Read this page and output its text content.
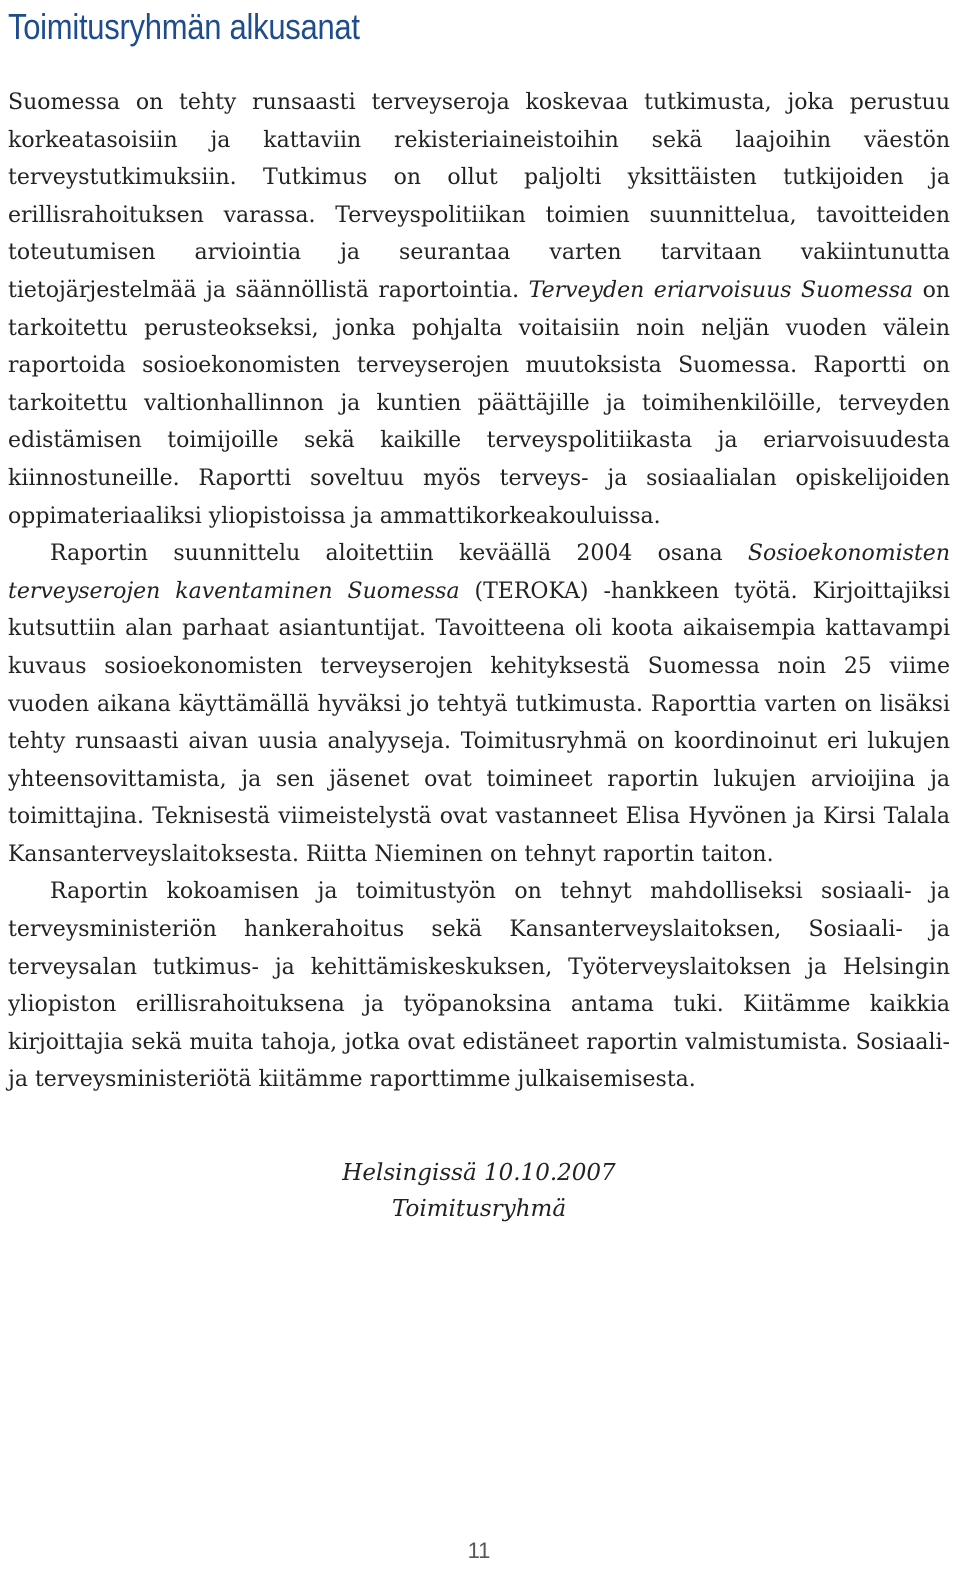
Toimitusryhmän alkusanat

Suomessa on tehty runsaasti terveyseroja koskevaa tutkimusta, joka perustuu korkeatasoisiin ja kattaviin rekisteriaineistoihin sekä laajoihin väestön terveystutkimuksiin. Tutkimus on ollut paljolti yksittäisten tutkijoiden ja erillisrahoituksen varassa. Terveyspolitiikan toimien suunnittelua, tavoitteiden toteutumisen arviointia ja seurantaa varten tarvitaan vakiintunutta tietojärjestelmää ja säännöllistä raportointia. Terveyden eriarvoisuus Suomessa on tarkoitettu perusteokseksi, jonka pohjalta voitaisiin noin neljän vuoden välein raportoida sosioekonomisten terveyserojen muutoksista Suomessa. Raportti on tarkoitettu valtionhallinnon ja kuntien päättäjille ja toimihenkilöille, terveyden edistämisen toimijoille sekä kaikille terveyspolitiikasta ja eriarvoisuudesta kiinnostuneille. Raportti soveltuu myös terveys- ja sosiaalialan opiskelijoiden oppimateriaaliksi yliopistoissa ja ammattikorkeakouluissa.

Raportin suunnittelu aloitettiin keväällä 2004 osana Sosioekonomisten terveyserojen kaventaminen Suomessa (TEROKA) -hankkeen työtä. Kirjoittajiksi kutsuttiin alan parhaat asiantuntijat. Tavoitteena oli koota aikaisempia kattavampi kuvaus sosioekonomisten terveyserojen kehityksestä Suomessa noin 25 viime vuoden aikana käyttämällä hyväksi jo tehtyä tutkimusta. Raporttia varten on lisäksi tehty runsaasti aivan uusia analyyseja. Toimitusryhmä on koordinoinut eri lukujen yhteensovittamista, ja sen jäsenet ovat toimineet raportin lukujen arvioijina ja toimittajina. Teknisestä viimeistelystä ovat vastanneet Elisa Hyvönen ja Kirsi Talala Kansanterveyslaitoksesta. Riitta Nieminen on tehnyt raportin taiton.

Raportin kokoamisen ja toimitustyön on tehnyt mahdolliseksi sosiaali- ja terveysministeriön hankerahoitus sekä Kansanterveyslaitoksen, Sosiaali- ja terveysalan tutkimus- ja kehittämiskeskuksen, Työterveyslaitoksen ja Helsingin yliopiston erillisrahoituksena ja työpanoksina antama tuki. Kiitämme kaikkia kirjoittajia sekä muita tahoja, jotka ovat edistäneet raportin valmistumista. Sosiaali- ja terveysministeriötä kiitämme raporttimme julkaisemisesta.

Helsingissä 10.10.2007
Toimitusryhmä
11
